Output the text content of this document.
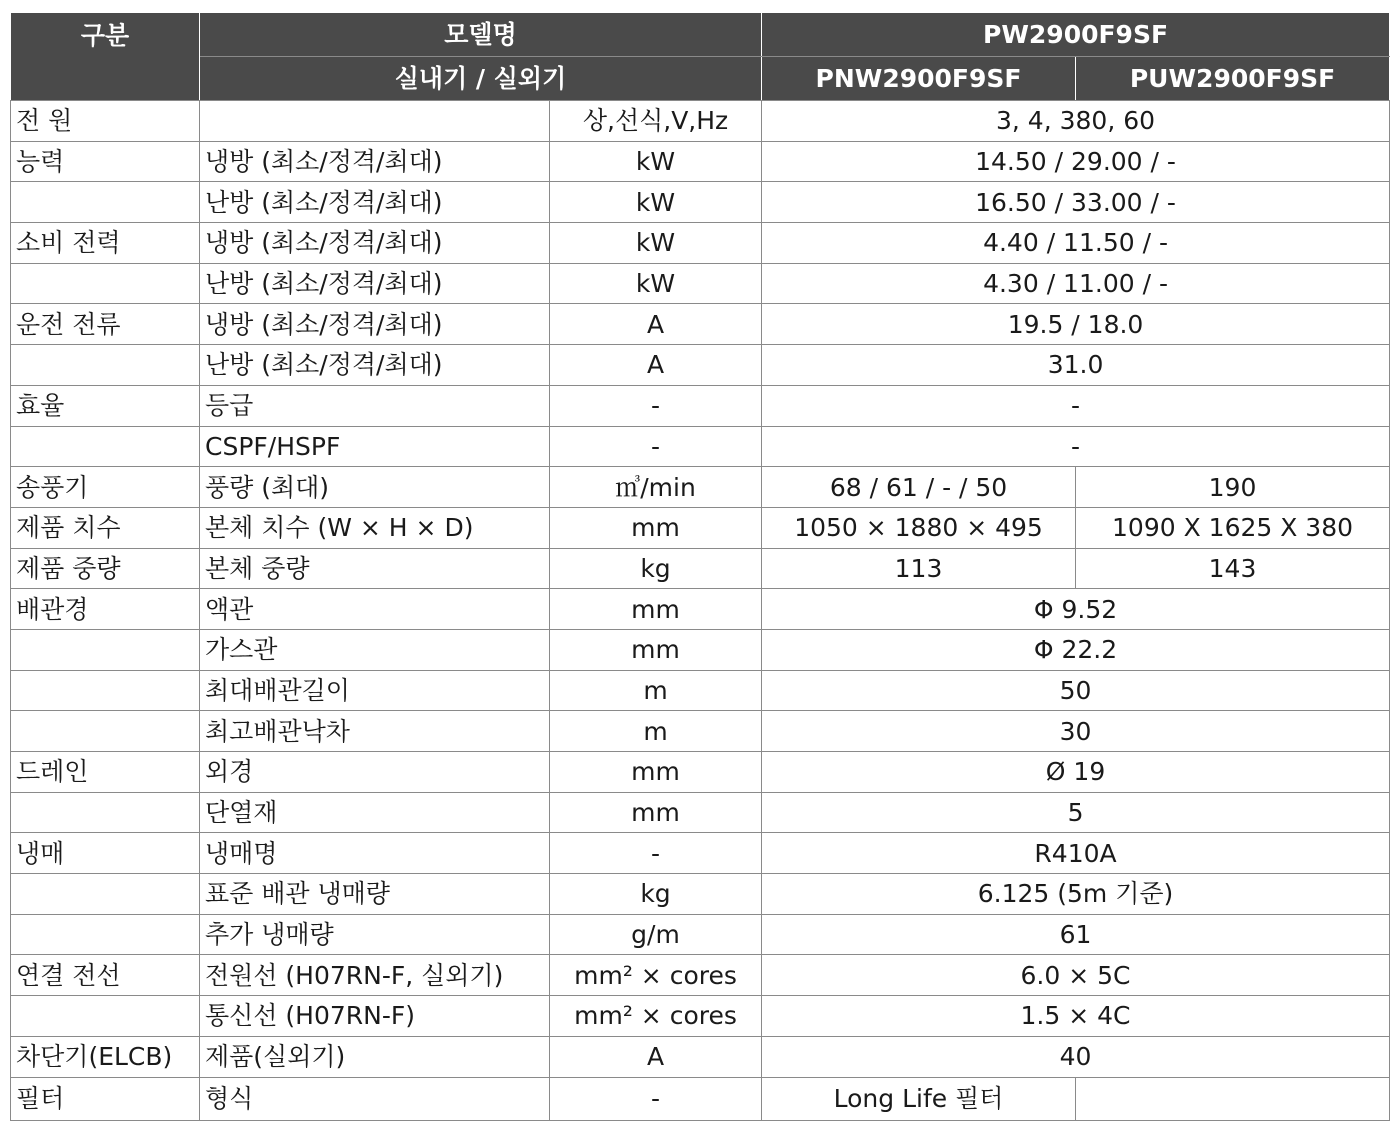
구분	모델명		PW2900F9SF	
	실내기 / 실외기		PNW2900F9SF	PUW2900F9SF
전 원		상,선식,V,Hz	3, 4, 380, 60	
능력	냉방 (최소/정격/최대)	kW	14.50 / 29.00 / -	
	난방 (최소/정격/최대)	kW	16.50 / 33.00 / -	
소비 전력	냉방 (최소/정격/최대)	kW	4.40 / 11.50 / -	
	난방 (최소/정격/최대)	kW	4.30 / 11.00 / -	
운전 전류	냉방 (최소/정격/최대)	A	19.5 / 18.0	
	난방 (최소/정격/최대)	A	31.0	
효율	등급	-	-	
	CSPF/HSPF	-	-	
송풍기	풍량 (최대)	㎥/min	68 / 61 / - / 50	190
제품 치수	본체 치수 (W × H × D)	mm	1050 × 1880 × 495	1090 X 1625 X 380
제품 중량	본체 중량	kg	113	143
배관경	액관	mm	Φ 9.52	
	가스관	mm	Φ 22.2	
	최대배관길이	m	50	
	최고배관낙차	m	30	
드레인	외경	mm	Ø 19	
	단열재	mm	5	
냉매	냉매명	-	R410A	
	표준 배관 냉매량	kg	6.125 (5m 기준)	
	추가 냉매량	g/m	61	
연결 전선	전원선 (H07RN-F, 실외기)	mm² × cores	6.0 × 5C	
	통신선 (H07RN-F)	mm² × cores	1.5 × 4C	
차단기(ELCB)	제품(실외기)	A	40	
필터	형식	-	Long Life 필터	
